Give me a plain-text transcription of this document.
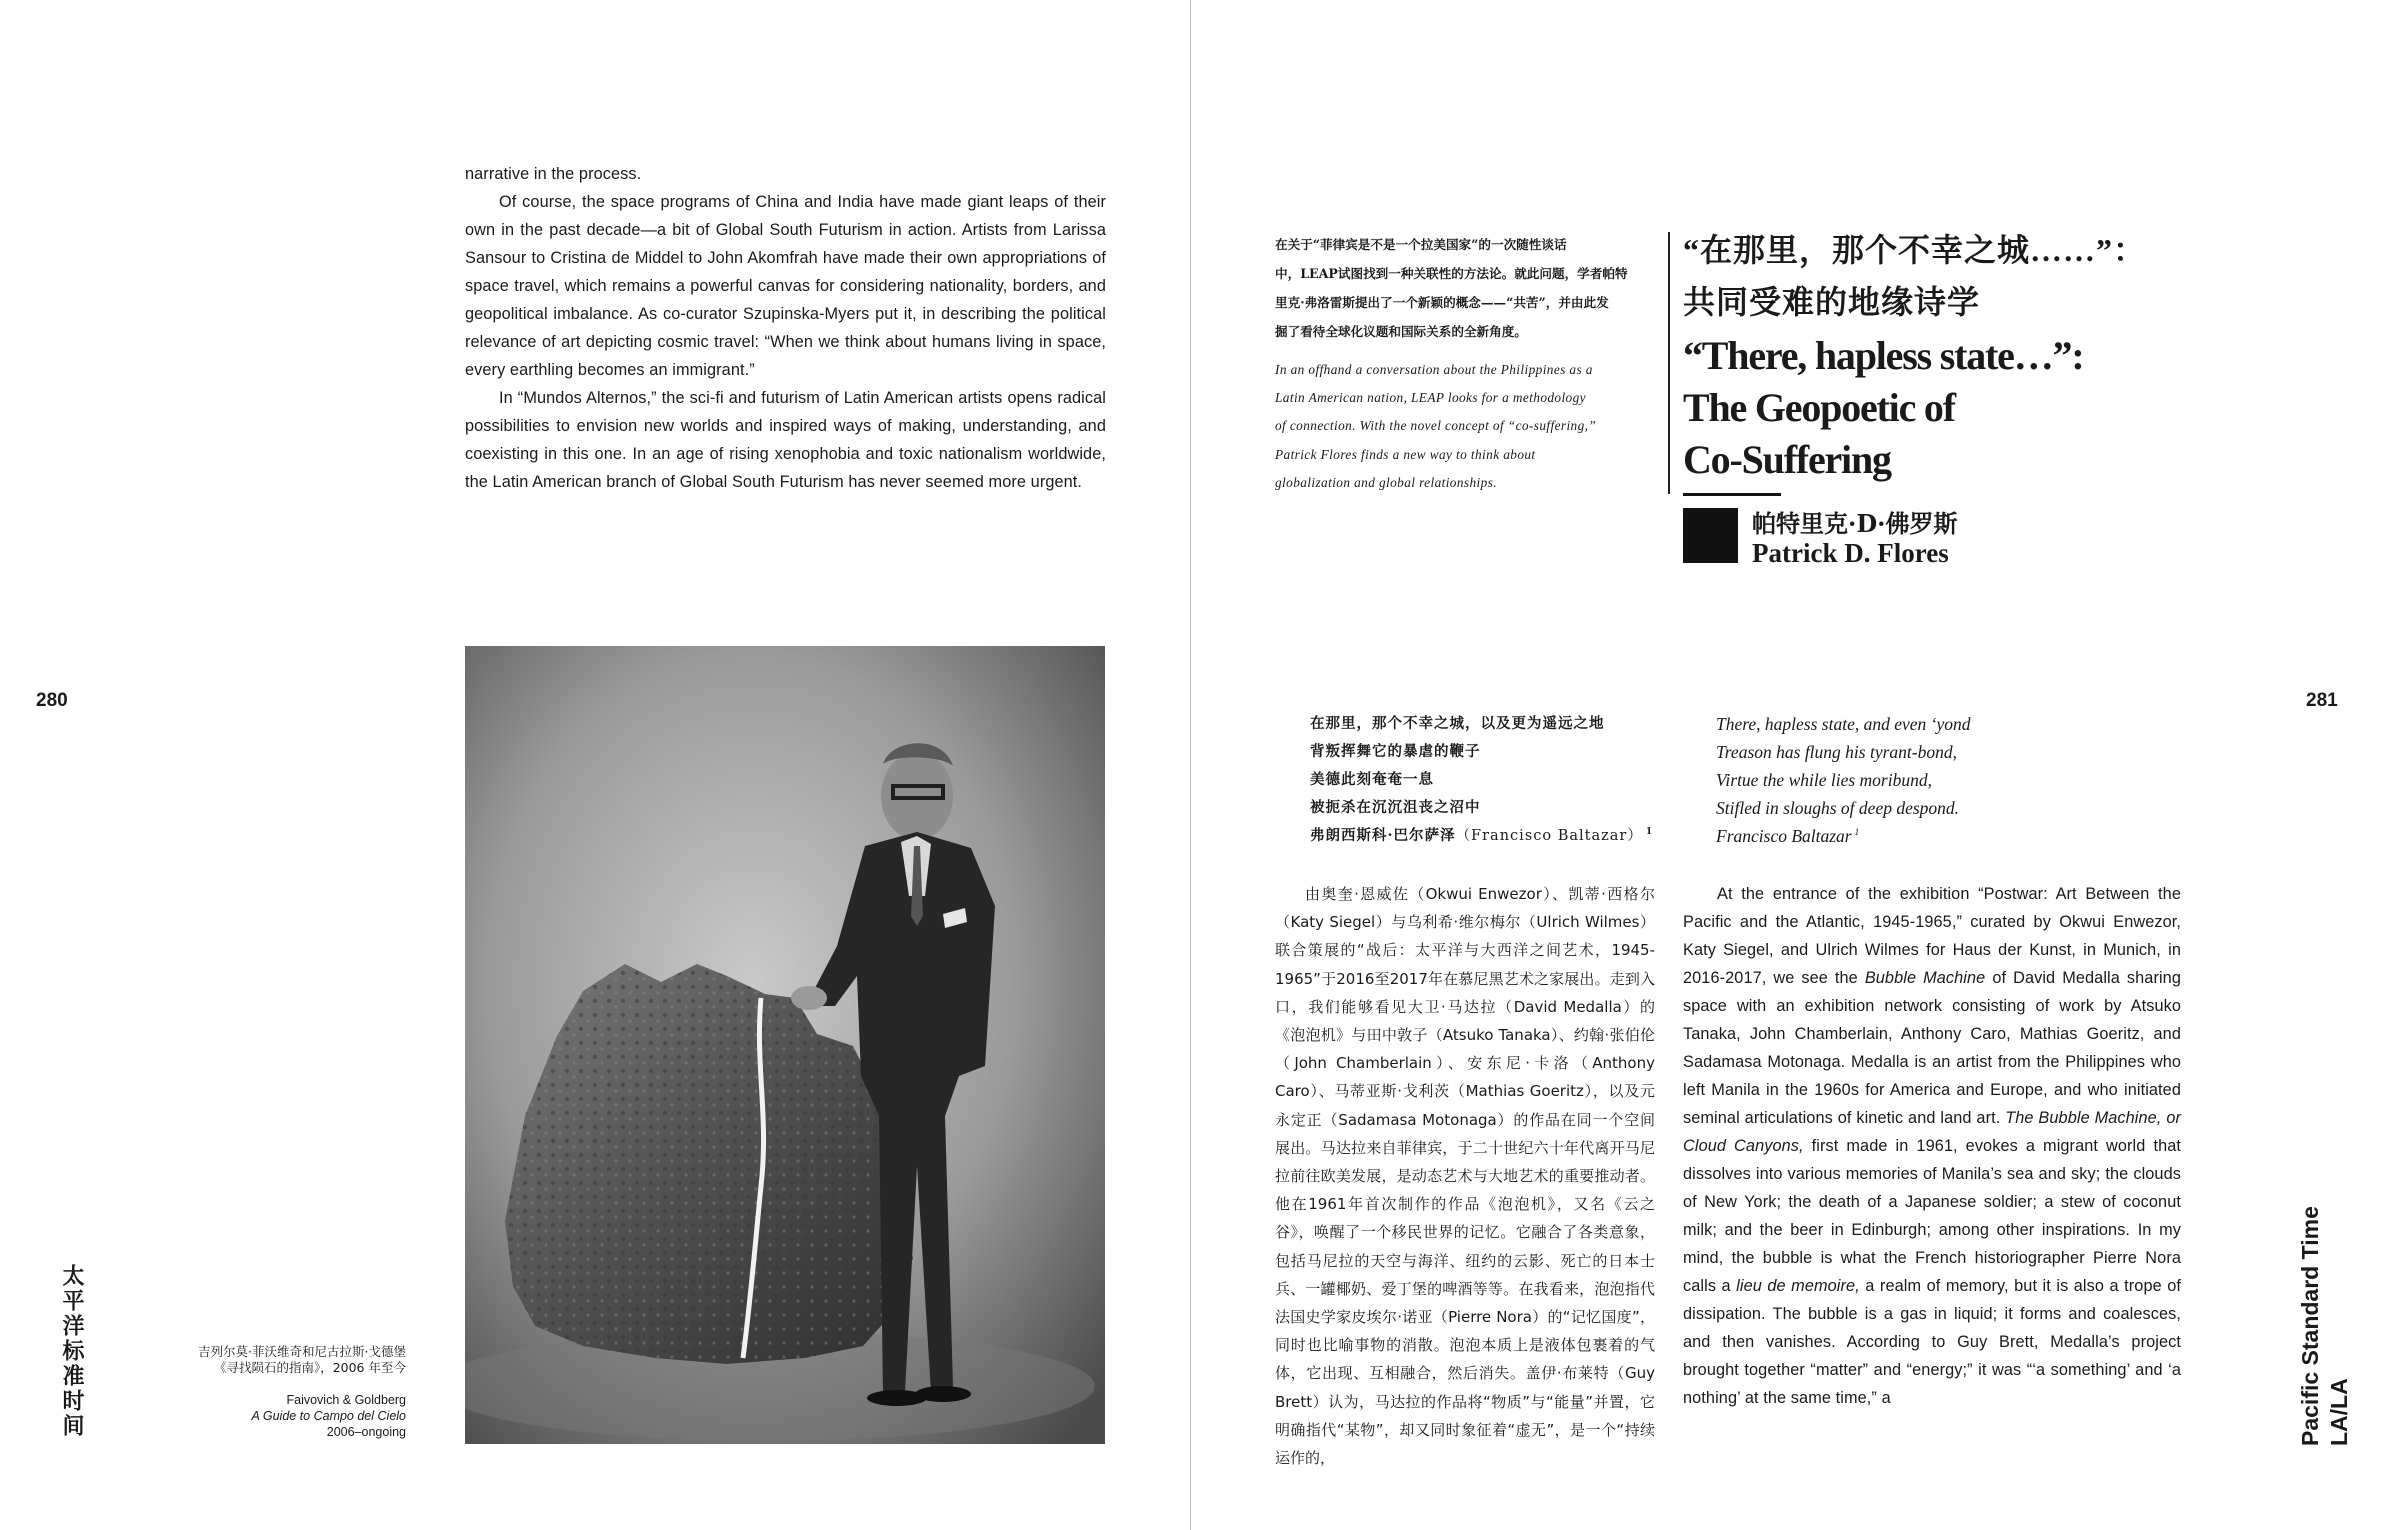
280

narrative in the process.

Of course, the space programs of China and India have made giant leaps of their own in the past decade—a bit of Global South Futurism in action. Artists from Larissa Sansour to Cristina de Middel to John Akomfrah have made their own appropriations of space travel, which remains a powerful canvas for considering nationality, borders, and geopolitical imbalance. As co-curator Szupinska-Myers put it, in describing the political relevance of art depicting cosmic travel: “When we think about humans living in space, every earthling becomes an immigrant.”

In “Mundos Alternos,” the sci-fi and futurism of Latin American artists opens radical possibilities to envision new worlds and inspired ways of making, understanding, and coexisting in this one. In an age of rising xenophobia and toxic nationalism worldwide, the Latin American branch of Global South Futurism has never seemed more urgent.

吉列尔莫·菲沃维奇和尼古拉斯·戈德堡
《寻找陨石的指南》，2006 年至今
Faivovich & Goldberg
A Guide to Campo del Cielo
2006–ongoing
太平洋标准时间
281
在关于“菲律宾是不是一个拉美国家”的一次随性谈话
中，LEAP试图找到一种关联性的方法论。就此问题，学者帕特
里克·弗洛雷斯提出了一个新颖的概念——“共苦”，并由此发
掘了看待全球化议题和国际关系的全新角度。
In an offhand a conversation about the Philippines as a
Latin American nation, LEAP looks for a methodology
of connection. With the novel concept of “co-suffering,”
Patrick Flores finds a new way to think about
globalization and global relationships.
“在那里，那个不幸之城……”：
共同受难的地缘诗学
“There, hapless state…”:
The Geopoetic of
Co-Suffering
帕特里克·D·佛罗斯
Patrick D. Flores
在那里，那个不幸之城，以及更为遥远之地
背叛挥舞它的暴虐的鞭子
美德此刻奄奄一息
被扼杀在沉沉沮丧之沼中
弗朗西斯科·巴尔萨泽（Francisco Baltazar） $^1$
There, hapless state, and even ‘yond
Treason has flung his tyrant-bond,
Virtue the while lies moribund,
Stifled in sloughs of deep despond.
Francisco Baltazar $^1$

由奥奎·恩威佐（Okwui Enwezor）、凯蒂·西格尔（Katy Siegel）与乌利希·维尔梅尔（Ulrich Wilmes）联合策展的“战后：太平洋与大西洋之间艺术，1945-1965”于2016至2017年在慕尼黑艺术之家展出。走到入口，我们能够看见大卫·马达拉（David Medalla）的《泡泡机》与田中敦子（Atsuko Tanaka）、约翰·张伯伦（John Chamberlain）、安东尼·卡洛（Anthony Caro）、马蒂亚斯·戈利茨（Mathias Goeritz），以及元永定正（Sadamasa Motonaga）的作品在同一个空间展出。马达拉来自菲律宾，于二十世纪六十年代离开马尼拉前往欧美发展，是动态艺术与大地艺术的重要推动者。他在1961年首次制作的作品《泡泡机》，又名《云之谷》，唤醒了一个移民世界的记忆。它融合了各类意象，包括马尼拉的天空与海洋、纽约的云影、死亡的日本士兵、一罐椰奶、爱丁堡的啤酒等等。在我看来，泡泡指代法国史学家皮埃尔·诺亚（Pierre Nora）的“记忆国度”，同时也比喻事物的消散。泡泡本质上是液体包裹着的气体，它出现、互相融合，然后消失。盖伊·布莱特（Guy Brett）认为，马达拉的作品将“物质”与“能量”并置，它明确指代“某物”，却又同时象征着“虚无”，是一个“持续运作的，

At the entrance of the exhibition “Postwar: Art Between the Pacific and the Atlantic, 1945-1965,” curated by Okwui Enwezor, Katy Siegel, and Ulrich Wilmes for Haus der Kunst, in Munich, in 2016-2017, we see the Bubble Machine of David Medalla sharing space with an exhibition network consisting of work by Atsuko Tanaka, John Chamberlain, Anthony Caro, Mathias Goeritz, and Sadamasa Motonaga. Medalla is an artist from the Philippines who left Manila in the 1960s for America and Europe, and who initiated seminal articulations of kinetic and land art. The Bubble Machine, or Cloud Canyons, first made in 1961, evokes a migrant world that dissolves into various memories of Manila’s sea and sky; the clouds of New York; the death of a Japanese soldier; a stew of coconut milk; and the beer in Edinburgh; among other inspirations. In my mind, the bubble is what the French historiographer Pierre Nora calls a lieu de memoire, a realm of memory, but it is also a trope of dissipation. The bubble is a gas in liquid; it forms and coalesces, and then vanishes. According to Guy Brett, Medalla’s project brought together “matter” and “energy;” it was “‘a something’ and ‘a nothing’ at the same time,” a	Pacific Standard Time LA/LA
